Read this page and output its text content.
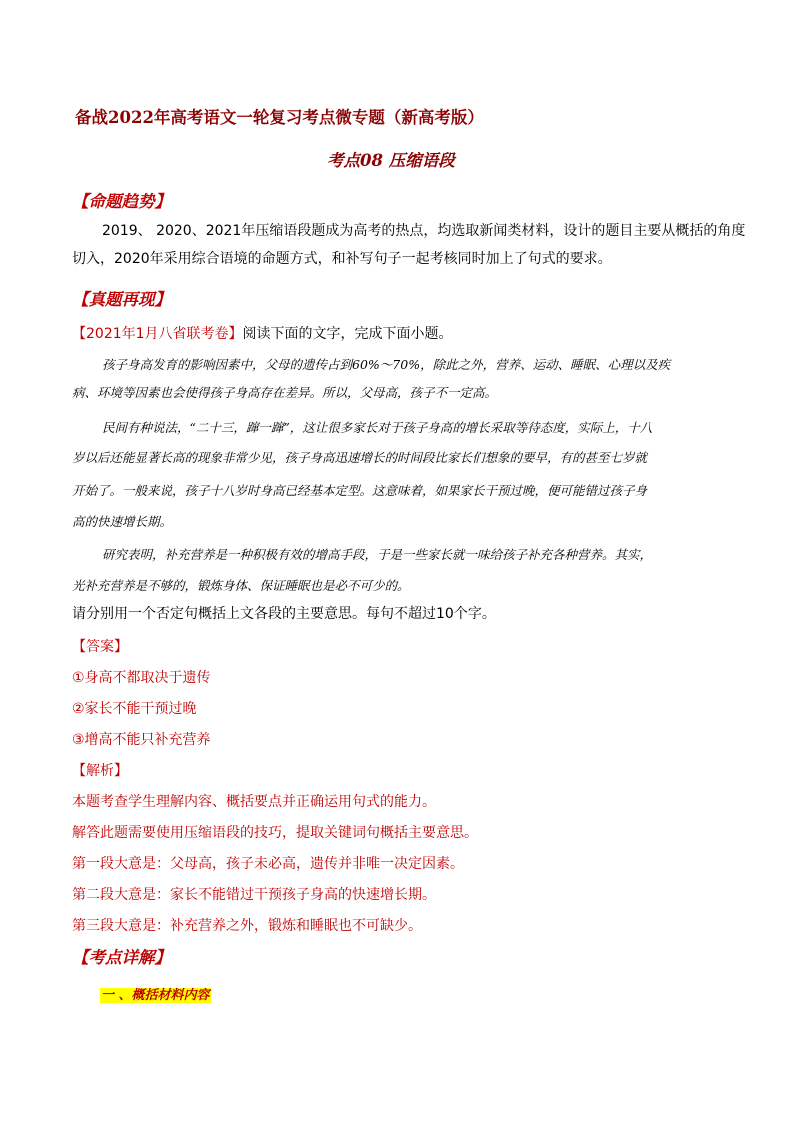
备战2022年高考语文一轮复习考点微专题（新高考版）
考点08 压缩语段
【命题趋势】
2019、 2020、2021年压缩语段题成为高考的热点，均选取新闻类材料，设计的题目主要从概括的角度
切入，2020年采用综合语境的命题方式，和补写句子一起考核同时加上了句式的要求。
【真题再现】
【2021年1月八省联考卷】阅读下面的文字，完成下面小题。
孩子身高发育的影响因素中，父母的遗传占到60%～70%，除此之外，营养、运动、睡眠、心理以及疾
病、环境等因素也会使得孩子身高存在差异。所以，父母高，孩子不一定高。
民间有种说法，“二十三，蹿一蹿”，这让很多家长对于孩子身高的增长采取等待态度，实际上，十八
岁以后还能显著长高的现象非常少见，孩子身高迅速增长的时间段比家长们想象的要早，有的甚至七岁就
开始了。一般来说，孩子十八岁时身高已经基本定型。这意味着，如果家长干预过晚，便可能错过孩子身
高的快速增长期。
研究表明，补充营养是一种积极有效的增高手段，于是一些家长就一味给孩子补充各种营养。其实，
光补充营养是不够的，锻炼身体、保证睡眠也是必不可少的。
请分别用一个否定句概括上文各段的主要意思。每句不超过10个字。
【答案】
①身高不都取决于遗传
②家长不能干预过晚
③增高不能只补充营养
【解析】
本题考查学生理解内容、概括要点并正确运用句式的能力。
解答此题需要使用压缩语段的技巧，提取关键词句概括主要意思。
第一段大意是：父母高，孩子未必高，遗传并非唯一决定因素。
第二段大意是：家长不能错过干预孩子身高的快速增长期。
第三段大意是：补充营养之外，锻炼和睡眠也不可缺少。
【考点详解】
一 、概括材料内容
